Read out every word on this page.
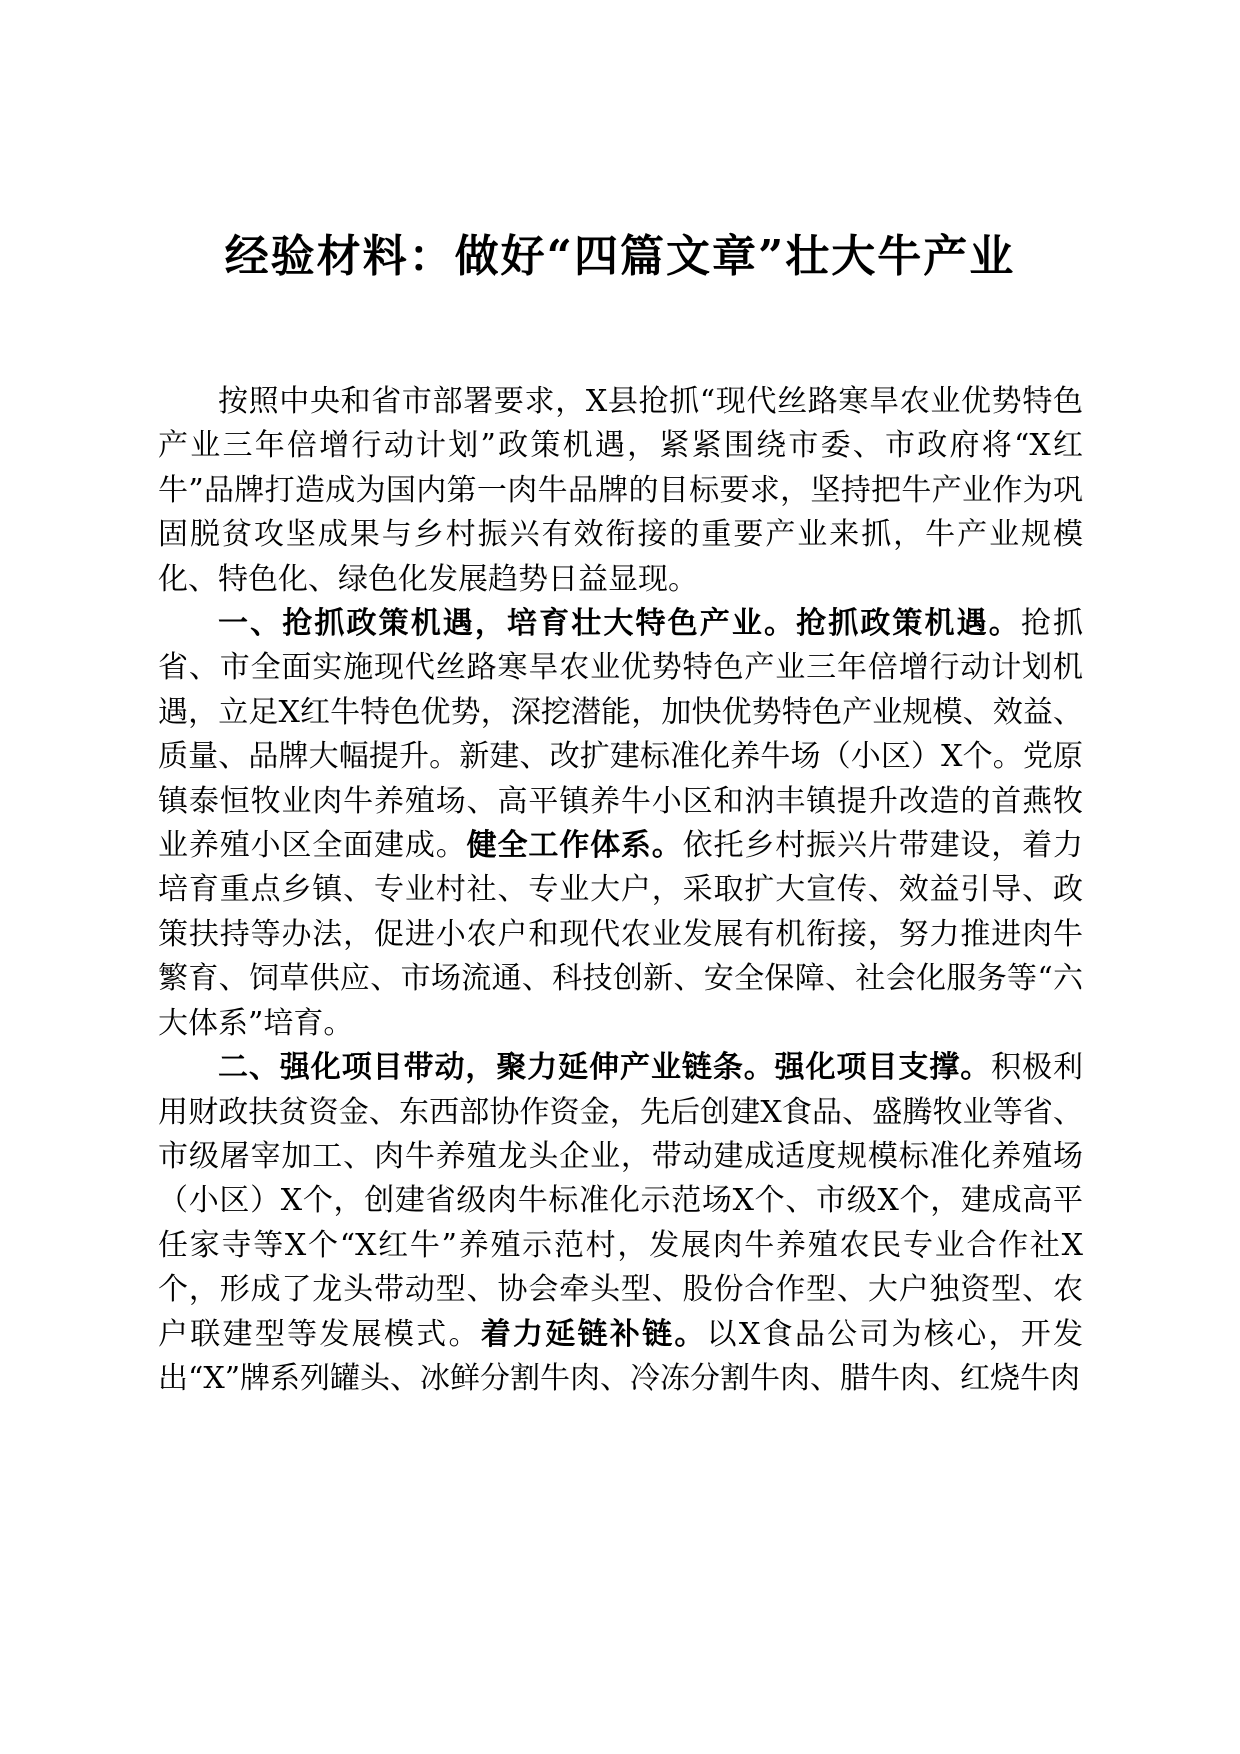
经验材料：做好“四篇文章”壮大牛产业

按照中央和省市部署要求，X县抢抓“现代丝路寒旱农业优势特色产业三年倍增行动计划”政策机遇，紧紧围绕市委、市政府将“X红牛”品牌打造成为国内第一肉牛品牌的目标要求，坚持把牛产业作为巩固脱贫攻坚成果与乡村振兴有效衔接的重要产业来抓，牛产业规模化、特色化、绿色化发展趋势日益显现。

一、抢抓政策机遇，培育壮大特色产业。抢抓政策机遇。抢抓省、市全面实施现代丝路寒旱农业优势特色产业三年倍增行动计划机遇，立足X红牛特色优势，深挖潜能，加快优势特色产业规模、效益、质量、品牌大幅提升。新建、改扩建标准化养牛场（小区）X个。党原镇泰恒牧业肉牛养殖场、高平镇养牛小区和汭丰镇提升改造的首燕牧业养殖小区全面建成。健全工作体系。依托乡村振兴片带建设，着力培育重点乡镇、专业村社、专业大户，采取扩大宣传、效益引导、政策扶持等办法，促进小农户和现代农业发展有机衔接，努力推进肉牛繁育、饲草供应、市场流通、科技创新、安全保障、社会化服务等“六大体系”培育。

二、强化项目带动，聚力延伸产业链条。强化项目支撑。积极利用财政扶贫资金、东西部协作资金，先后创建X食品、盛腾牧业等省、市级屠宰加工、肉牛养殖龙头企业，带动建成适度规模标准化养殖场（小区）X个，创建省级肉牛标准化示范场X个、市级X个，建成高平任家寺等X个“X红牛”养殖示范村，发展肉牛养殖农民专业合作社X个，形成了龙头带动型、协会牵头型、股份合作型、大户独资型、农户联建型等发展模式。着力延链补链。以X食品公司为核心，开发出“X”牌系列罐头、冰鲜分割牛肉、冷冻分割牛肉、腊牛肉、红烧牛肉
